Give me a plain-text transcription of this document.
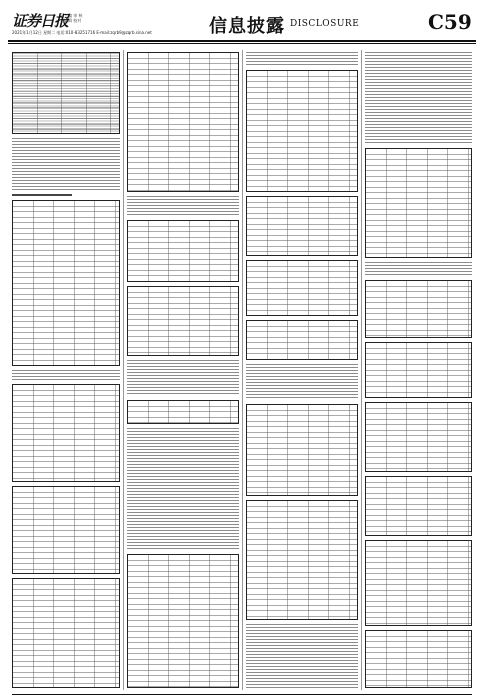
证券日报
主编 审 核
编辑 校对
2021年1月12日 星期二 电话:010-83251716 E-mail:zqrb9@zqrb.sina.net	信息披露 DISCLOSURE	C59
